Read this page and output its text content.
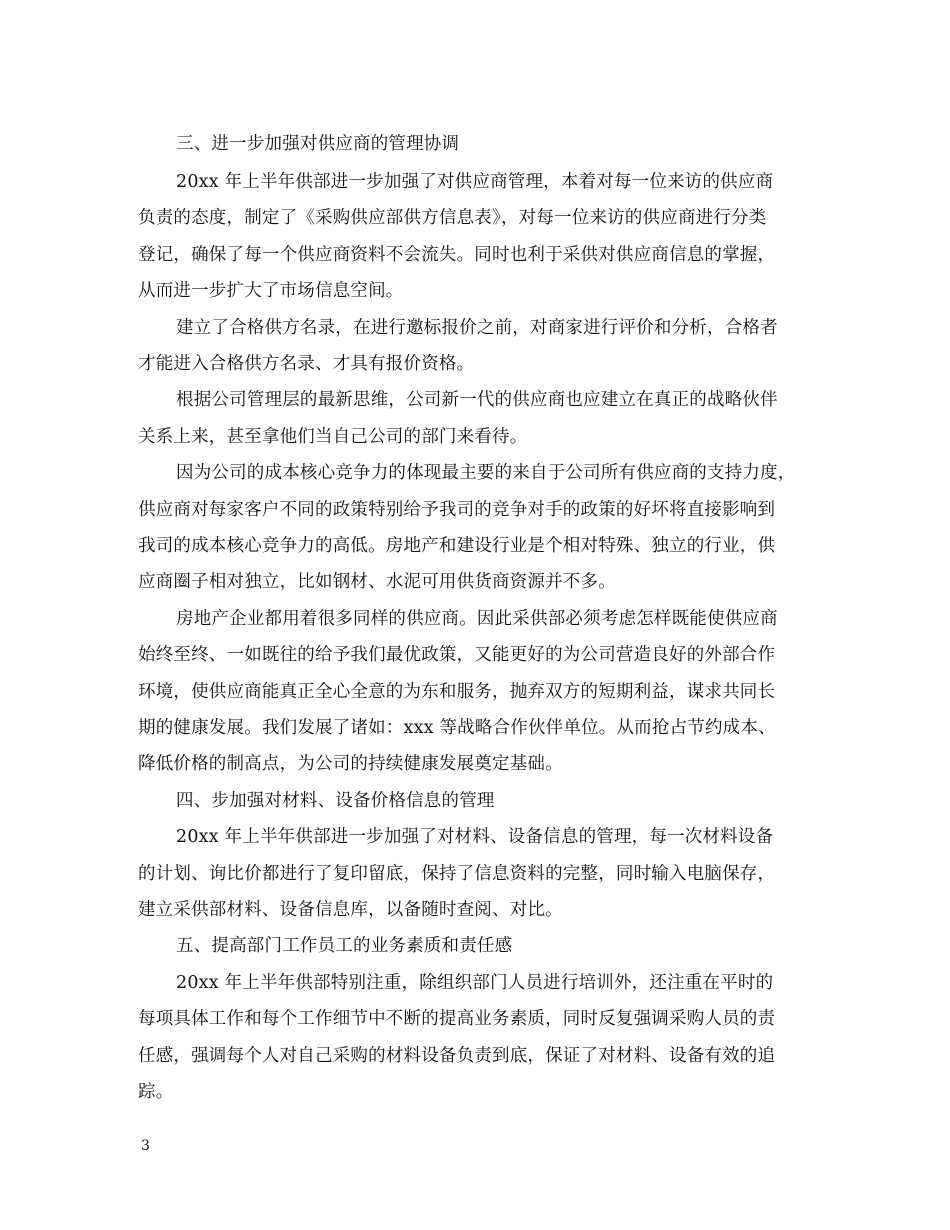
三、进一步加强对供应商的管理协调
20xx 年上半年供部进一步加强了对供应商管理，本着对每一位来访的供应商
负责的态度，制定了《采购供应部供方信息表》，对每一位来访的供应商进行分类
登记，确保了每一个供应商资料不会流失。同时也利于采供对供应商信息的掌握，
从而进一步扩大了市场信息空间。
建立了合格供方名录，在进行邀标报价之前，对商家进行评价和分析，合格者
才能进入合格供方名录、才具有报价资格。
根据公司管理层的最新思维，公司新一代的供应商也应建立在真正的战略伙伴
关系上来，甚至拿他们当自己公司的部门来看待。
因为公司的成本核心竞争力的体现最主要的来自于公司所有供应商的支持力度，
供应商对每家客户不同的政策特别给予我司的竞争对手的政策的好坏将直接影响到
我司的成本核心竞争力的高低。房地产和建设行业是个相对特殊、独立的行业，供
应商圈子相对独立，比如钢材、水泥可用供货商资源并不多。
房地产企业都用着很多同样的供应商。因此采供部必须考虑怎样既能使供应商
始终至终、一如既往的给予我们最优政策，又能更好的为公司营造良好的外部合作
环境，使供应商能真正全心全意的为东和服务，抛弃双方的短期利益，谋求共同长
期的健康发展。我们发展了诸如：xxx 等战略合作伙伴单位。从而抢占节约成本、
降低价格的制高点，为公司的持续健康发展奠定基础。
四、步加强对材料、设备价格信息的管理
20xx 年上半年供部进一步加强了对材料、设备信息的管理，每一次材料设备
的计划、询比价都进行了复印留底，保持了信息资料的完整，同时输入电脑保存，
建立采供部材料、设备信息库，以备随时查阅、对比。
五、提高部门工作员工的业务素质和责任感
20xx 年上半年供部特别注重，除组织部门人员进行培训外，还注重在平时的
每项具体工作和每个工作细节中不断的提高业务素质，同时反复强调采购人员的责
任感，强调每个人对自己采购的材料设备负责到底，保证了对材料、设备有效的追
踪。
3
